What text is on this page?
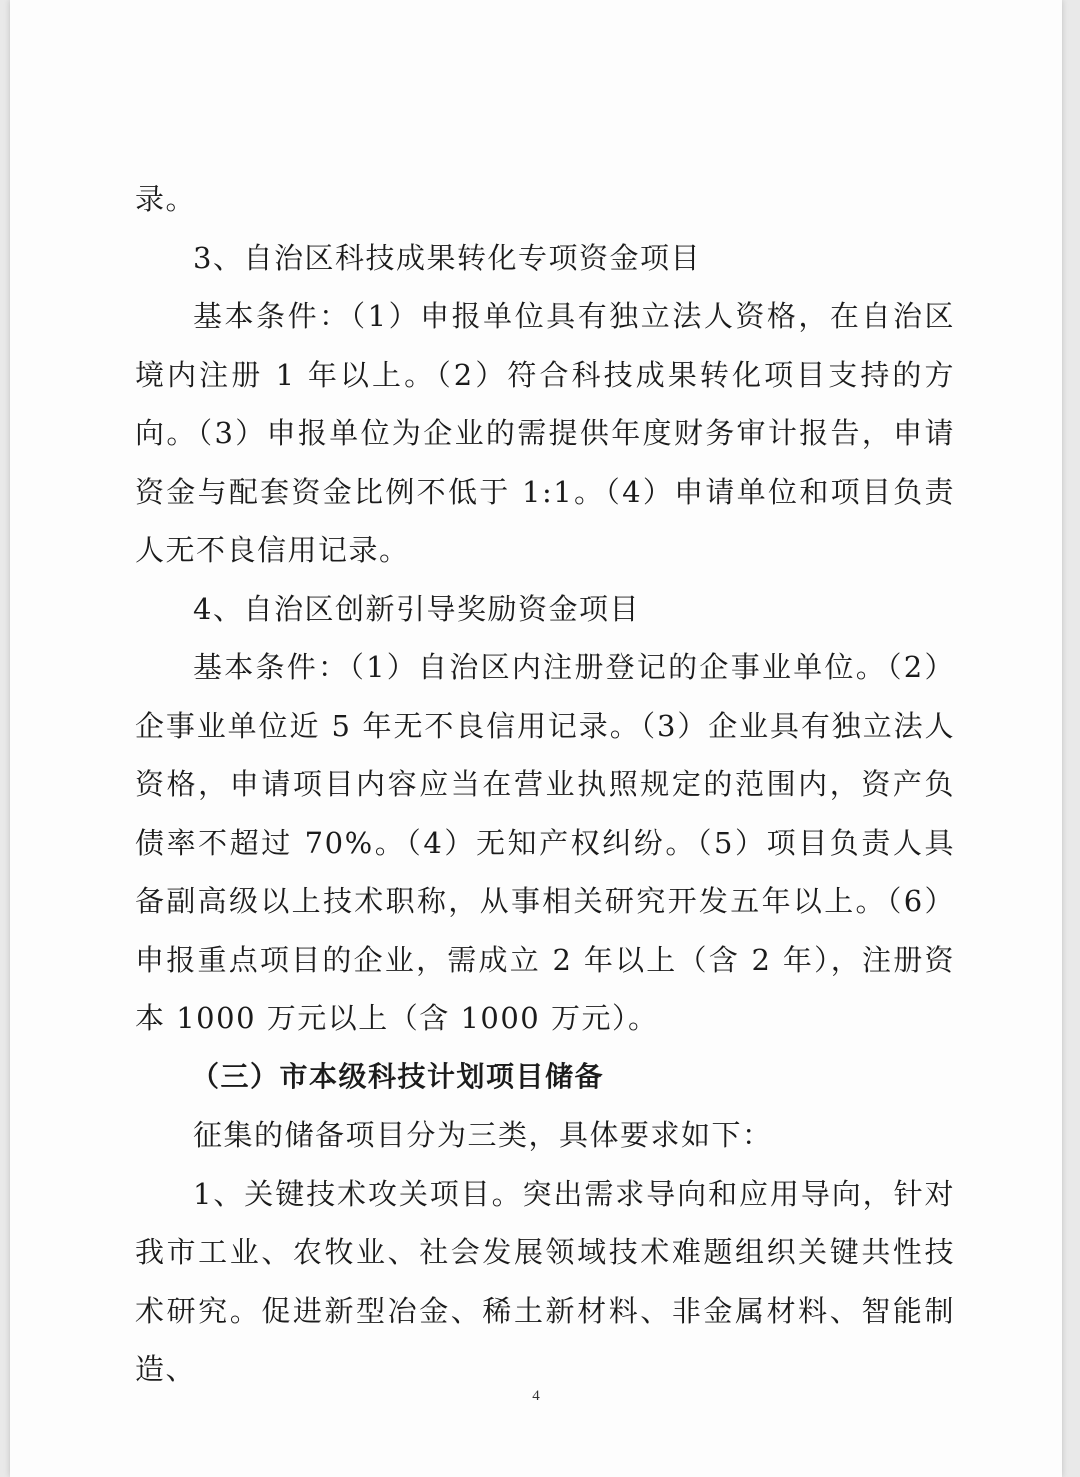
录。

3、自治区科技成果转化专项资金项目

基本条件：（1）申报单位具有独立法人资格，在自治区境内注册 1 年以上。（2）符合科技成果转化项目支持的方向。（3）申报单位为企业的需提供年度财务审计报告，申请资金与配套资金比例不低于 1:1。（4）申请单位和项目负责人无不良信用记录。

4、自治区创新引导奖励资金项目

基本条件：（1）自治区内注册登记的企事业单位。（2）企事业单位近 5 年无不良信用记录。（3）企业具有独立法人资格，申请项目内容应当在营业执照规定的范围内，资产负债率不超过 70%。（4）无知产权纠纷。（5）项目负责人具备副高级以上技术职称，从事相关研究开发五年以上。（6）申报重点项目的企业，需成立 2 年以上（含 2 年），注册资本 1000 万元以上（含 1000 万元）。

（三）市本级科技计划项目储备

征集的储备项目分为三类，具体要求如下：

1、关键技术攻关项目。突出需求导向和应用导向，针对我市工业、农牧业、社会发展领域技术难题组织关键共性技术研究。促进新型冶金、稀土新材料、非金属材料、智能制造、

4
